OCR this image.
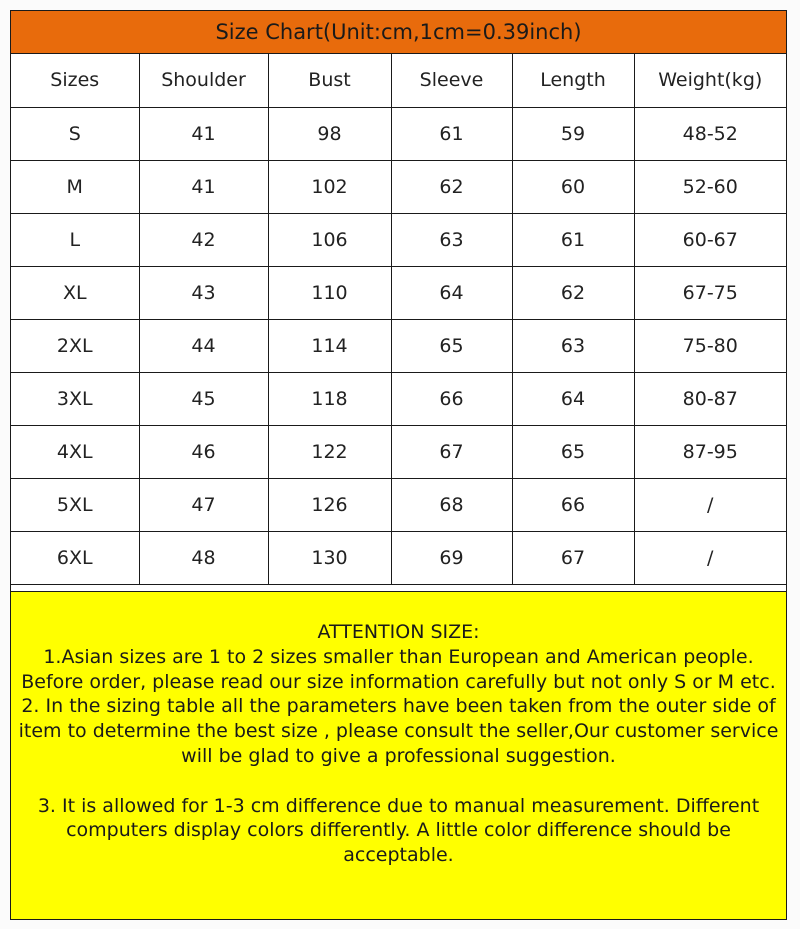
Size Chart(Unit:cm,1cm=0.39inch)
Sizes	Shoulder	Bust	Sleeve	Length	Weight(kg)
S	41	98	61	59	48-52
M	41	102	62	60	52-60
L	42	106	63	61	60-67
XL	43	110	64	62	67-75
2XL	44	114	65	63	75-80
3XL	45	118	66	64	80-87
4XL	46	122	67	65	87-95
5XL	47	126	68	66	/
6XL	48	130	69	67	/

ATTENTION SIZE:

1.Asian sizes are 1 to 2 sizes smaller than European and American people. Before order, please read our size information carefully but not only S or M etc.

2. In the sizing table all the parameters have been taken from the outer side of item to determine the best size , please consult the seller,Our customer service will be glad to give a professional suggestion.

3. It is allowed for 1-3 cm difference due to manual measurement. Different computers display colors differently. A little color difference should be acceptable.
